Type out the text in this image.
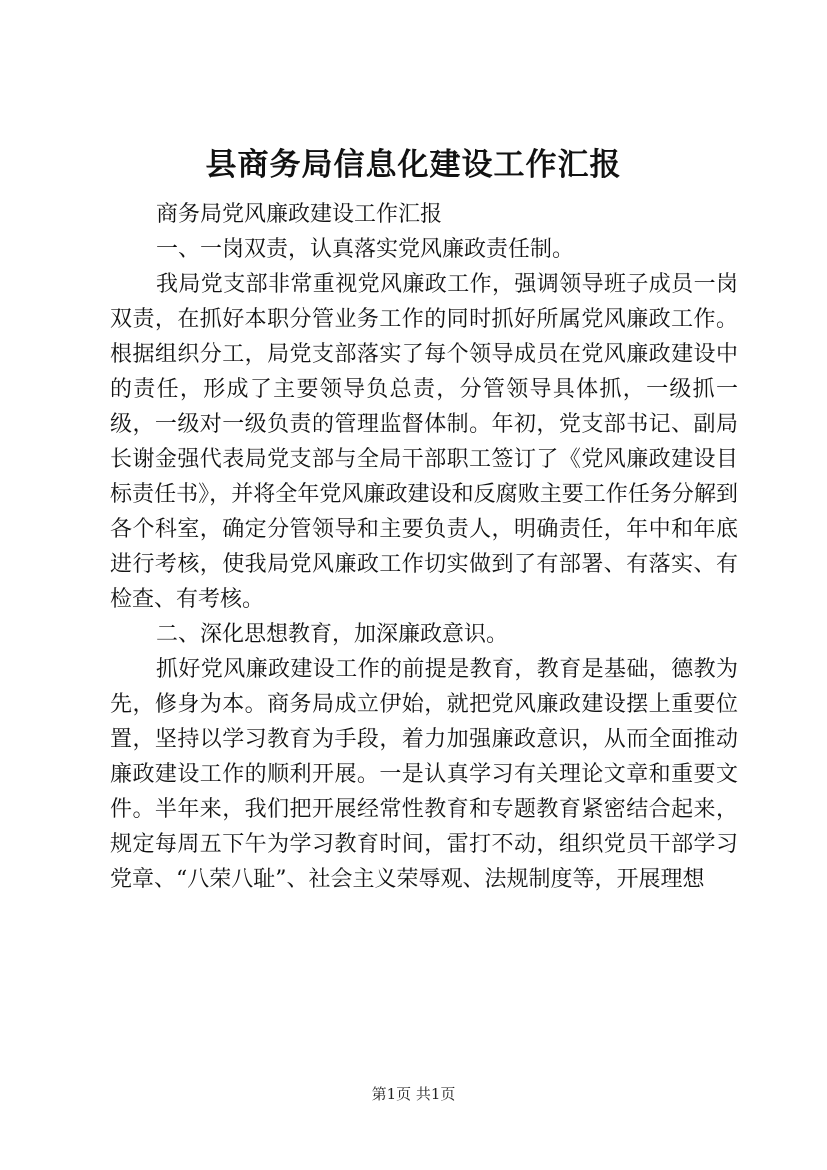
县商务局信息化建设工作汇报

商务局党风廉政建设工作汇报

一、一岗双责，认真落实党风廉政责任制。

我局党支部非常重视党风廉政工作，强调领导班子成员一岗双责，在抓好本职分管业务工作的同时抓好所属党风廉政工作。根据组织分工，局党支部落实了每个领导成员在党风廉政建设中的责任，形成了主要领导负总责，分管领导具体抓，一级抓一级，一级对一级负责的管理监督体制。年初，党支部书记、副局长谢金强代表局党支部与全局干部职工签订了《党风廉政建设目标责任书》，并将全年党风廉政建设和反腐败主要工作任务分解到各个科室，确定分管领导和主要负责人，明确责任，年中和年底进行考核，使我局党风廉政工作切实做到了有部署、有落实、有检查、有考核。

二、深化思想教育，加深廉政意识。

抓好党风廉政建设工作的前提是教育，教育是基础，德教为先，修身为本。商务局成立伊始，就把党风廉政建设摆上重要位置，坚持以学习教育为手段，着力加强廉政意识，从而全面推动廉政建设工作的顺利开展。一是认真学习有关理论文章和重要文件。半年来，我们把开展经常性教育和专题教育紧密结合起来，规定每周五下午为学习教育时间，雷打不动，组织党员干部学习党章、“八荣八耻”、社会主义荣辱观、法规制度等，开展理想

第1页 共1页
